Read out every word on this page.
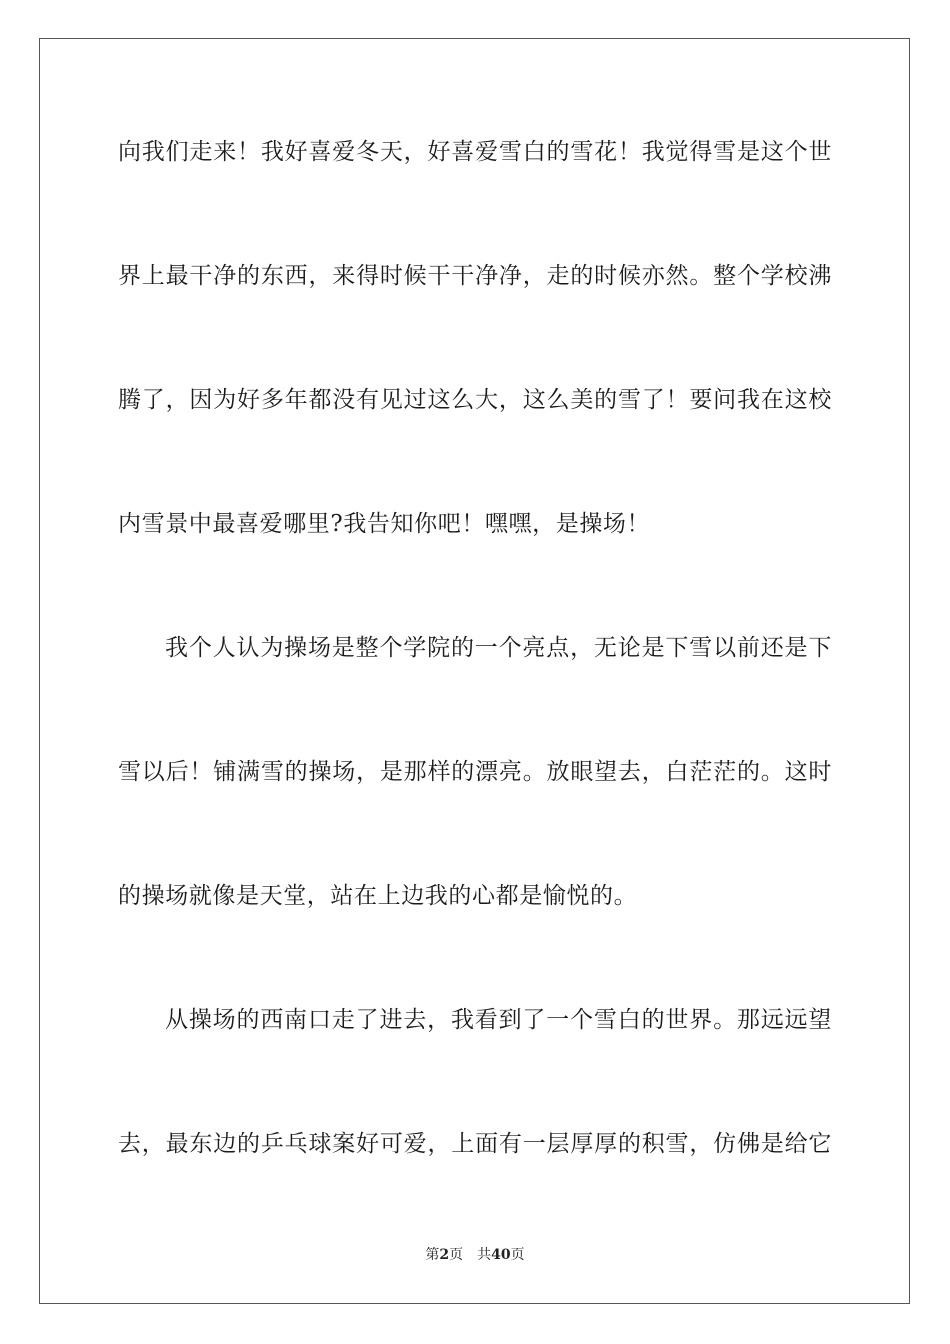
向我们走来！我好喜爱冬天，好喜爱雪白的雪花！我觉得雪是这个世
界上最干净的东西，来得时候干干净净，走的时候亦然。整个学校沸
腾了，因为好多年都没有见过这么大，这么美的雪了！要问我在这校
内雪景中最喜爱哪里?我告知你吧！嘿嘿，是操场！
我个人认为操场是整个学院的一个亮点，无论是下雪以前还是下
雪以后！铺满雪的操场，是那样的漂亮。放眼望去，白茫茫的。这时
的操场就像是天堂，站在上边我的心都是愉悦的。
从操场的西南口走了进去，我看到了一个雪白的世界。那远远望
去，最东边的乒乓球案好可爱，上面有一层厚厚的积雪，仿佛是给它
第2页 共40页
